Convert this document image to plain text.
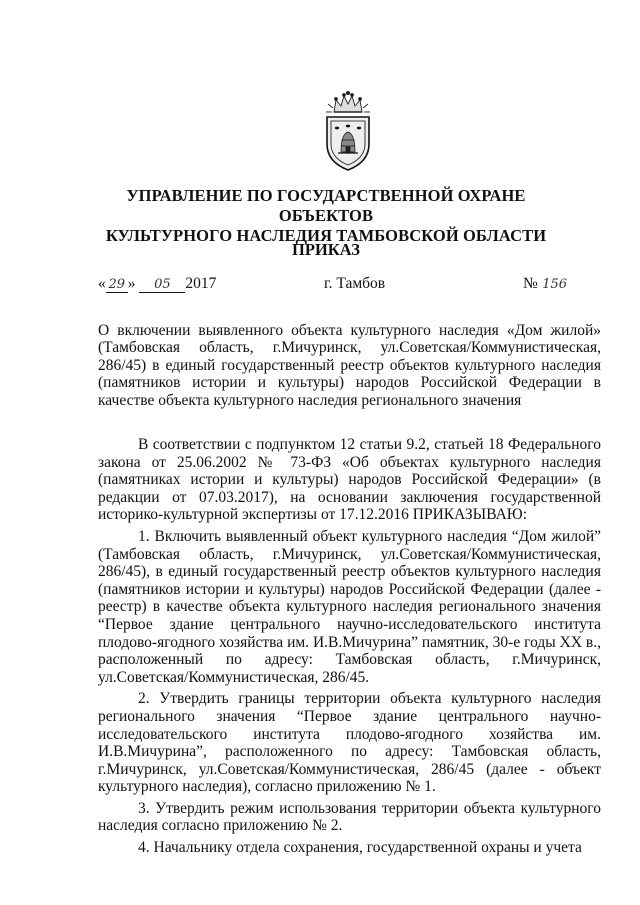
УПРАВЛЕНИЕ ПО ГОСУДАРСТВЕННОЙ ОХРАНЕ ОБЪЕКТОВ
КУЛЬТУРНОГО НАСЛЕДИЯ ТАМБОВСКОЙ ОБЛАСТИ
ПРИКАЗ
« 29 » 05 2017	г. Тамбов	№ 156
О включении выявленного объекта культурного наследия «Дом жилой» (Тамбовская область, г.Мичуринск, ул.Советская/Коммунистическая, 286/45) в единый государственный реестр объектов культурного наследия (памятников истории и культуры) народов Российской Федерации в качестве объекта культурного наследия регионального значения

В соответствии с подпунктом 12 статьи 9.2, статьей 18 Федерального закона от 25.06.2002 № 73-ФЗ «Об объектах культурного наследия (памятниках истории и культуры) народов Российской Федерации» (в редакции от 07.03.2017), на основании заключения государственной историко-культурной экспертизы от 17.12.2016 ПРИКАЗЫВАЮ:

1. Включить выявленный объект культурного наследия “Дом жилой” (Тамбовская область, г.Мичуринск, ул.Советская/Коммунистическая, 286/45), в единый государственный реестр объектов культурного наследия (памятников истории и культуры) народов Российской Федерации (далее - реестр) в качестве объекта культурного наследия регионального значения “Первое здание центрального научно-исследовательского института плодово-ягодного хозяйства им. И.В.Мичурина” памятник, 30-е годы XX в., расположенный по адресу: Тамбовская область, г.Мичуринск, ул.Советская/Коммунистическая, 286/45.

2. Утвердить границы территории объекта культурного наследия регионального значения “Первое здание центрального научно-исследовательского института плодово-ягодного хозяйства им. И.В.Мичурина”, расположенного по адресу: Тамбовская область, г.Мичуринск, ул.Советская/Коммунистическая, 286/45 (далее - объект культурного наследия), согласно приложению № 1.

3. Утвердить режим использования территории объекта культурного наследия согласно приложению № 2.

4. Начальнику отдела сохранения, государственной охраны и учета
